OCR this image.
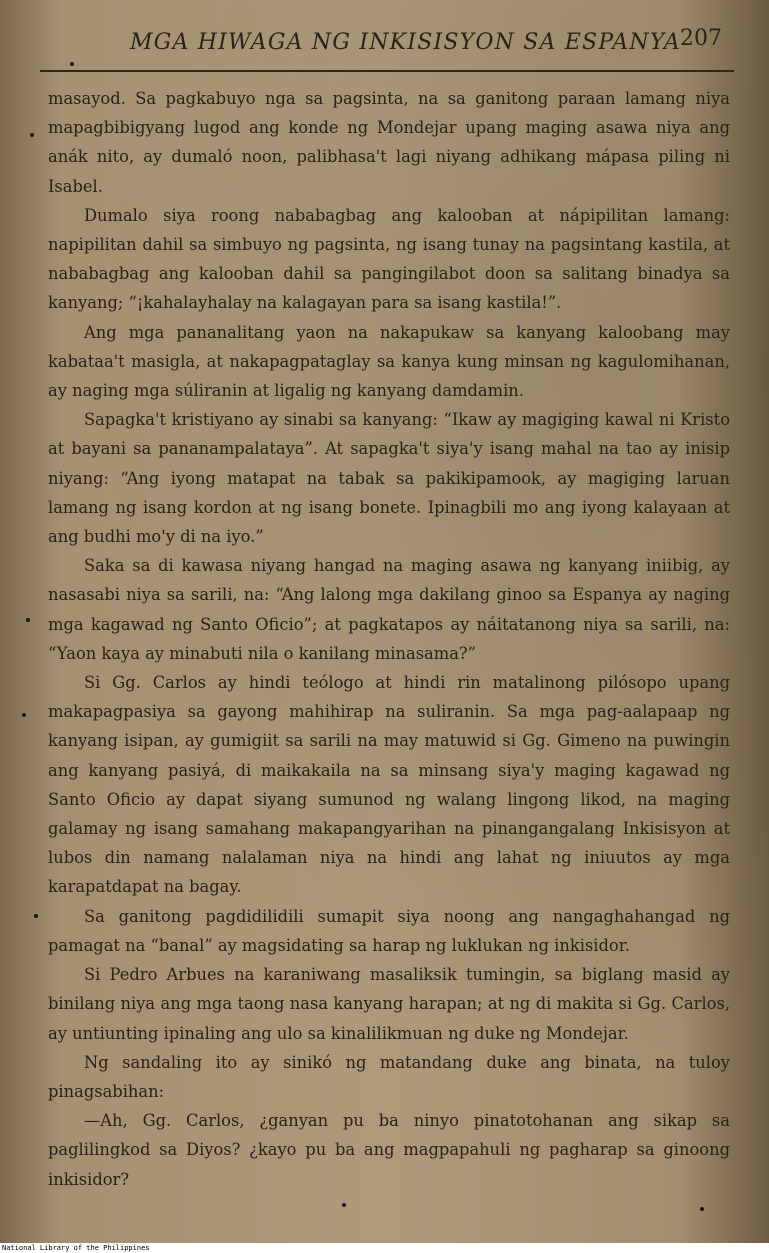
MGA HIWAGA NG INKISISYON SA ESPANYA 207

masayod. Sa pagkabuyo nga sa pagsinta, na sa ganitong paraan lamang niya mapagbibigyang lugod ang konde ng Mondejar upang maging asawa niya ang anák nito, ay dumaló noon, palibhasa't lagi niyang adhikang mápasa piling ni Isabel.

Dumalo siya roong nababagbag ang kalooban at nápipilitan lamang: napipilitan dahil sa simbuyo ng pagsinta, ng isang tunay na pagsintang kastila, at nababagbag ang kalooban dahil sa pangingilabot doon sa salitang binadya sa kanyang; “¡kahalayhalay na kalagayan para sa isang kastila!”.

Ang mga pananalitang yaon na nakapukaw sa kanyang kaloobang may kabataa't masigla, at nakapagpataglay sa kanya kung minsan ng kagulomihanan, ay naging mga súliranin at ligalig ng kanyang damdamin.

Sapagka't kristiyano ay sinabi sa kanyang: “Ikaw ay magiging kawal ni Kristo at bayani sa pananampalataya”. At sapagka't siya'y isang mahal na tao ay inisip niyang: “Ang iyong matapat na tabak sa pakikipamook, ay magiging laruan lamang ng isang kordon at ng isang bonete. Ipinagbili mo ang iyong kalayaan at ang budhi mo'y di na iyo.”

Saka sa di kawasa niyang hangad na maging asawa ng kanyang iniibig, ay nasasabi niya sa sarili, na: “Ang lalong mga dakilang ginoo sa Espanya ay naging mga kagawad ng Santo Oficio”; at pagkatapos ay náitatanong niya sa sarili, na: “Yaon kaya ay minabuti nila o kanilang minasama?”

Si Gg. Carlos ay hindi teólogo at hindi rin matalinong pilósopo upang makapagpasiya sa gayong mahihirap na suliranin. Sa mga pag-aalapaap ng kanyang isipan, ay gumigiit sa sarili na may matuwid si Gg. Gimeno na puwingin ang kanyang pasiyá, di maikakaila na sa minsang siya'y maging kagawad ng Santo Oficio ay dapat siyang sumunod ng walang lingong likod, na maging galamay ng isang samahang makapangyarihan na pinangangalang Inkisisyon at lubos din namang nalalaman niya na hindi ang lahat ng iniuutos ay mga karapatdapat na bagay.

Sa ganitong pagdidilidili sumapit siya noong ang nangaghahangad ng pamagat na “banal” ay magsidating sa harap ng luklukan ng inkisidor.

Si Pedro Arbues na karaniwang masaliksik tumingin, sa biglang masid ay binilang niya ang mga taong nasa kanyang harapan; at ng di makita si Gg. Carlos, ay untiunting ipinaling ang ulo sa kinalilikmuan ng duke ng Mondejar.

Ng sandaling ito ay sinikó ng matandang duke ang binata, na tuloy pinagsabihan:

—Ah, Gg. Carlos, ¿ganyan pu ba ninyo pinatotohanan ang sikap sa paglilingkod sa Diyos? ¿kayo pu ba ang magpapahuli ng pagharap sa ginoong inkisidor?

National Library of the Philippines
